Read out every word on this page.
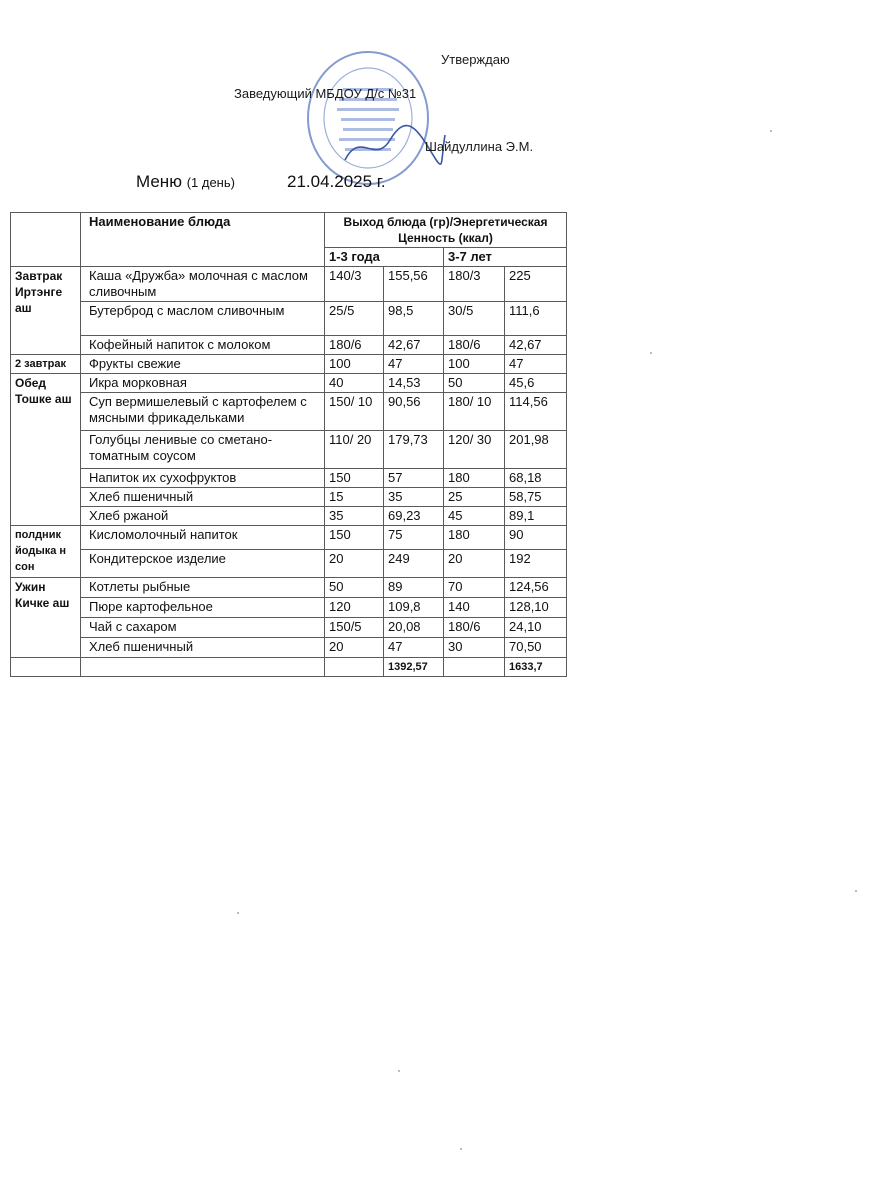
Утверждаю
Заведующий МБДОУ Д/с №31
Шайдуллина Э.М.
Меню (1 день)	21.04.2025 г.
	Наименование блюда	Выход блюда (гр)/Энергетическая Ценность (ккал)			
		1-3 года		3-7 лет	
Завтрак Иртэнге аш	Каша «Дружба» молочная с маслом сливочным	140/3	155,56	180/3	225
	Бутерброд с маслом сливочным	25/5	98,5	30/5	111,6
	Кофейный напиток с молоком	180/6	42,67	180/6	42,67
2 завтрак	Фрукты свежие	100	47	100	47
Обед Тошке аш	Икра морковная	40	14,53	50	45,6
	Суп вермишелевый с картофелем с мясными фрикадельками	150/ 10	90,56	180/ 10	114,56
	Голубцы ленивые со сметано-томатным соусом	110/ 20	179,73	120/ 30	201,98
	Напиток их сухофруктов	150	57	180	68,18
	Хлеб пшеничный	15	35	25	58,75
	Хлеб ржаной	35	69,23	45	89,1
полдник йодыка н сон	Кисломолочный напиток	150	75	180	90
	Кондитерское изделие	20	249	20	192
Ужин Кичке аш	Котлеты рыбные	50	89	70	124,56
	Пюре картофельное	120	109,8	140	128,10
	Чай с сахаром	150/5	20,08	180/6	24,10
	Хлеб пшеничный	20	47	30	70,50
			1392,57		1633,7
